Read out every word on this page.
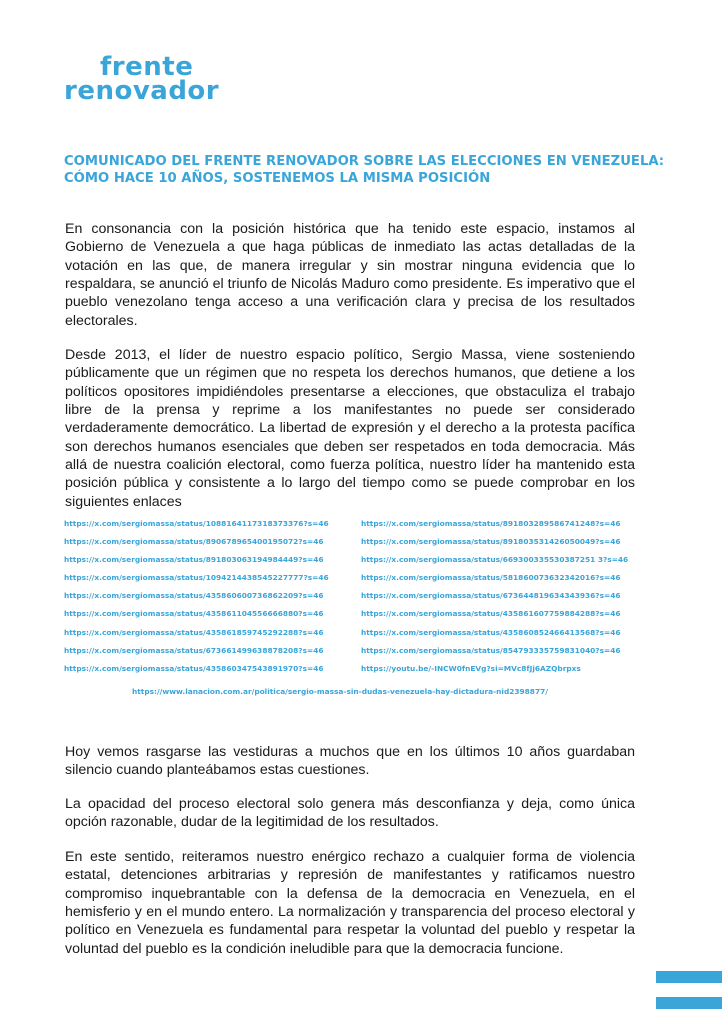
frente
renovador
COMUNICADO DEL FRENTE RENOVADOR SOBRE LAS ELECCIONES EN VENEZUELA:
CÓMO HACE 10 AÑOS, SOSTENEMOS LA MISMA POSICIÓN

En consonancia con la posición histórica que ha tenido este espacio, instamos al Gobierno de Venezuela a que haga públicas de inmediato las actas detalladas de la votación en las que, de manera irregular y sin mostrar ninguna evidencia que lo respaldara, se anunció el triunfo de Nicolás Maduro como presidente. Es imperativo que el pueblo venezolano tenga acceso a una verificación clara y precisa de los resultados electorales.

Desde 2013, el líder de nuestro espacio político, Sergio Massa, viene sosteniendo públicamente que un régimen que no respeta los derechos humanos, que detiene a los políticos opositores impidiéndoles presentarse a elecciones, que obstaculiza el trabajo libre de la prensa y reprime a los manifestantes no puede ser considerado verdaderamente democrático. La libertad de expresión y el derecho a la protesta pacífica son derechos humanos esenciales que deben ser respetados en toda democracia. Más allá de nuestra coalición electoral, como fuerza política, nuestro líder ha mantenido esta posición pública y consistente a lo largo del tiempo como se puede comprobar en los siguientes enlaces

https://x.com/sergiomassa/status/1088164117318373376?s=46
https://x.com/sergiomassa/status/890678965400195072?s=46
https://x.com/sergiomassa/status/891803063194984449?s=46
https://x.com/sergiomassa/status/1094214438545227777?s=46
https://x.com/sergiomassa/status/435860600736862209?s=46
https://x.com/sergiomassa/status/435861104556666880?s=46
https://x.com/sergiomassa/status/435861859745292288?s=46
https://x.com/sergiomassa/status/673661499638878208?s=46
https://x.com/sergiomassa/status/435860347543891970?s=46
https://x.com/sergiomassa/status/891803289586741248?s=46
https://x.com/sergiomassa/status/891803531426050049?s=46
https://x.com/sergiomassa/status/669300335530387251 3?s=46
https://x.com/sergiomassa/status/581860073632342016?s=46
https://x.com/sergiomassa/status/673644819634343936?s=46
https://x.com/sergiomassa/status/435861607759884288?s=46
https://x.com/sergiomassa/status/435860852466413568?s=46
https://x.com/sergiomassa/status/854793335759831040?s=46
https://youtu.be/-INCW0fnEVg?si=MVc8fJj6AZQbrpxs
https://www.lanacion.com.ar/politica/sergio-massa-sin-dudas-venezuela-hay-dictadura-nid2398877/

Hoy vemos rasgarse las vestiduras a muchos que en los últimos 10 años guardaban silencio cuando planteábamos estas cuestiones.

La opacidad del proceso electoral solo genera más desconfianza y deja, como única opción razonable, dudar de la legitimidad de los resultados.

En este sentido, reiteramos nuestro enérgico rechazo a cualquier forma de violencia estatal, detenciones arbitrarias y represión de manifestantes y ratificamos nuestro compromiso inquebrantable con la defensa de la democracia en Venezuela, en el hemisferio y en el mundo entero. La normalización y transparencia del proceso electoral y político en Venezuela es fundamental para respetar la voluntad del pueblo y respetar la voluntad del pueblo es la condición ineludible para que la democracia funcione.
